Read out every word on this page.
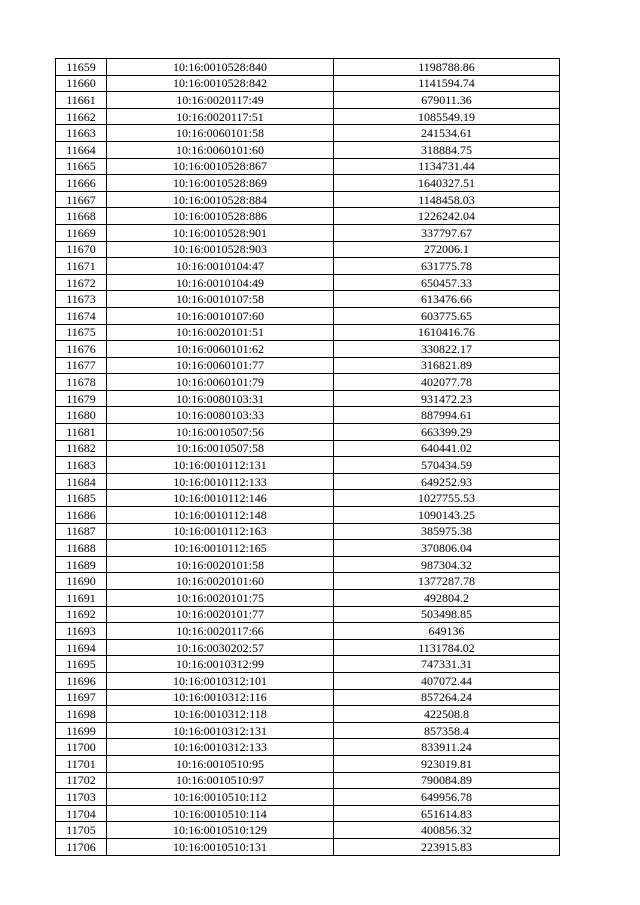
11659	10:16:0010528:840	1198788.86
11660	10:16:0010528:842	1141594.74
11661	10:16:0020117:49	679011.36
11662	10:16:0020117:51	1085549.19
11663	10:16:0060101:58	241534.61
11664	10:16:0060101:60	318884.75
11665	10:16:0010528:867	1134731.44
11666	10:16:0010528:869	1640327.51
11667	10:16:0010528:884	1148458.03
11668	10:16:0010528:886	1226242.04
11669	10:16:0010528:901	337797.67
11670	10:16:0010528:903	272006.1
11671	10:16:0010104:47	631775.78
11672	10:16:0010104:49	650457.33
11673	10:16:0010107:58	613476.66
11674	10:16:0010107:60	603775.65
11675	10:16:0020101:51	1610416.76
11676	10:16:0060101:62	330822.17
11677	10:16:0060101:77	316821.89
11678	10:16:0060101:79	402077.78
11679	10:16:0080103:31	931472.23
11680	10:16:0080103:33	887994.61
11681	10:16:0010507:56	663399.29
11682	10:16:0010507:58	640441.02
11683	10:16:0010112:131	570434.59
11684	10:16:0010112:133	649252.93
11685	10:16:0010112:146	1027755.53
11686	10:16:0010112:148	1090143.25
11687	10:16:0010112:163	385975.38
11688	10:16:0010112:165	370806.04
11689	10:16:0020101:58	987304.32
11690	10:16:0020101:60	1377287.78
11691	10:16:0020101:75	492804.2
11692	10:16:0020101:77	503498.85
11693	10:16:0020117:66	649136
11694	10:16:0030202:57	1131784.02
11695	10:16:0010312:99	747331.31
11696	10:16:0010312:101	407072.44
11697	10:16:0010312:116	857264.24
11698	10:16:0010312:118	422508.8
11699	10:16:0010312:131	857358.4
11700	10:16:0010312:133	833911.24
11701	10:16:0010510:95	923019.81
11702	10:16:0010510:97	790084.89
11703	10:16:0010510:112	649956.78
11704	10:16:0010510:114	651614.83
11705	10:16:0010510:129	400856.32
11706	10:16:0010510:131	223915.83
